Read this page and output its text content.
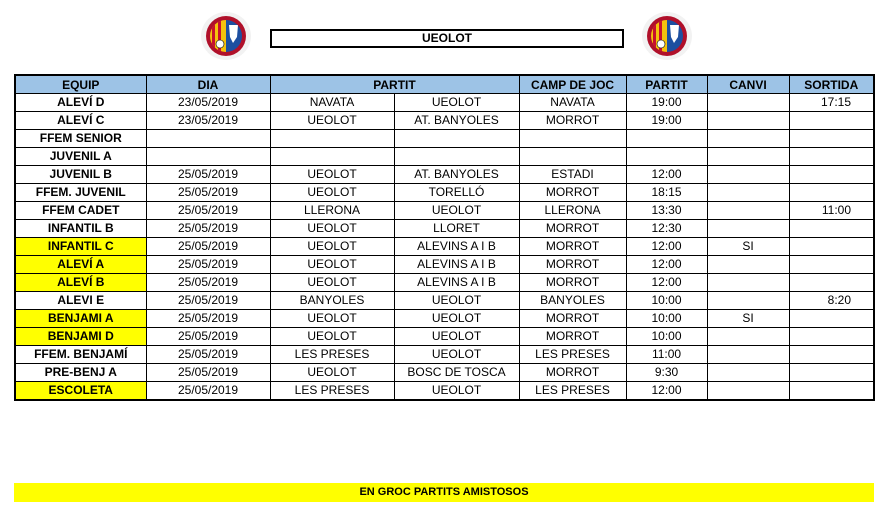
UEOLOT
EQUIP	DIA	PARTIT		CAMP DE JOC	PARTIT	CANVI	SORTIDA
ALEVÍ D	23/05/2019	NAVATA	UEOLOT	NAVATA	19:00		17:15
ALEVÍ C	23/05/2019	UEOLOT	AT. BANYOLES	MORROT	19:00		
FFEM SENIOR							
JUVENIL A							
JUVENIL B	25/05/2019	UEOLOT	AT. BANYOLES	ESTADI	12:00		
FFEM. JUVENIL	25/05/2019	UEOLOT	TORELLÓ	MORROT	18:15		
FFEM CADET	25/05/2019	LLERONA	UEOLOT	LLERONA	13:30		11:00
INFANTIL B	25/05/2019	UEOLOT	LLORET	MORROT	12:30		
INFANTIL C	25/05/2019	UEOLOT	ALEVINS A I B	MORROT	12:00	SI	
ALEVÍ A	25/05/2019	UEOLOT	ALEVINS A I B	MORROT	12:00		
ALEVÍ B	25/05/2019	UEOLOT	ALEVINS A I B	MORROT	12:00		
ALEVI E	25/05/2019	BANYOLES	UEOLOT	BANYOLES	10:00		8:20
BENJAMI A	25/05/2019	UEOLOT	UEOLOT	MORROT	10:00	SI	
BENJAMI D	25/05/2019	UEOLOT	UEOLOT	MORROT	10:00		
FFEM. BENJAMÍ	25/05/2019	LES PRESES	UEOLOT	LES PRESES	11:00		
PRE-BENJ A	25/05/2019	UEOLOT	BOSC DE TOSCA	MORROT	9:30		
ESCOLETA	25/05/2019	LES PRESES	UEOLOT	LES PRESES	12:00		
EN GROC PARTITS AMISTOSOS
